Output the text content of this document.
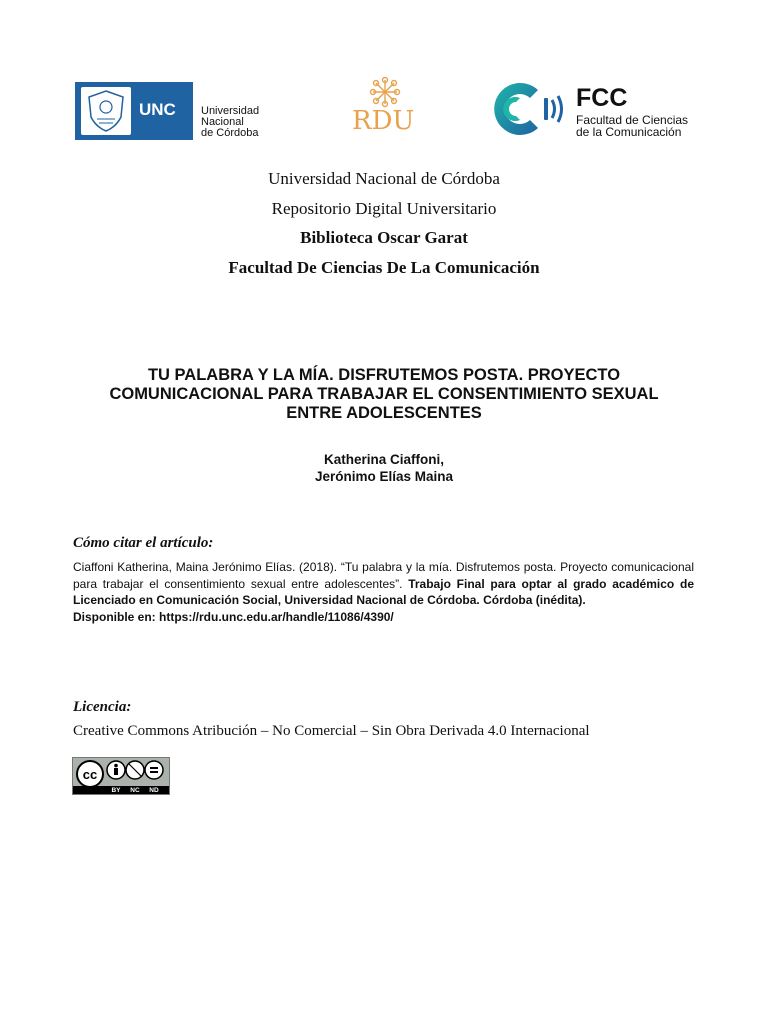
UNC Universidad
Nacional
de Córdoba	RDU
FCC
Facultad de Ciencias
de la Comunicación
Universidad Nacional de Córdoba
Repositorio Digital Universitario
Biblioteca Oscar Garat
Facultad De Ciencias De La Comunicación
TU PALABRA Y LA MÍA. DISFRUTEMOS POSTA. PROYECTO
COMUNICACIONAL PARA TRABAJAR EL CONSENTIMIENTO SEXUAL
ENTRE ADOLESCENTES
Katherina Ciaffoni,
Jerónimo Elías Maina
Cómo citar el artículo:
Ciaffoni Katherina, Maina Jerónimo Elías. (2018). “Tu palabra y la mía. Disfrutemos posta. Proyecto comunicacional para trabajar el consentimiento sexual entre adolescentes”. Trabajo Final para optar al grado académico de Licenciado en Comunicación Social, Universidad Nacional de Córdoba. Córdoba (inédita).
Disponible en: https://rdu.unc.edu.ar/handle/11086/4390/
Licencia:
Creative Commons Atribución – No Comercial – Sin Obra Derivada 4.0 Internacional
cc
BY NC ND
